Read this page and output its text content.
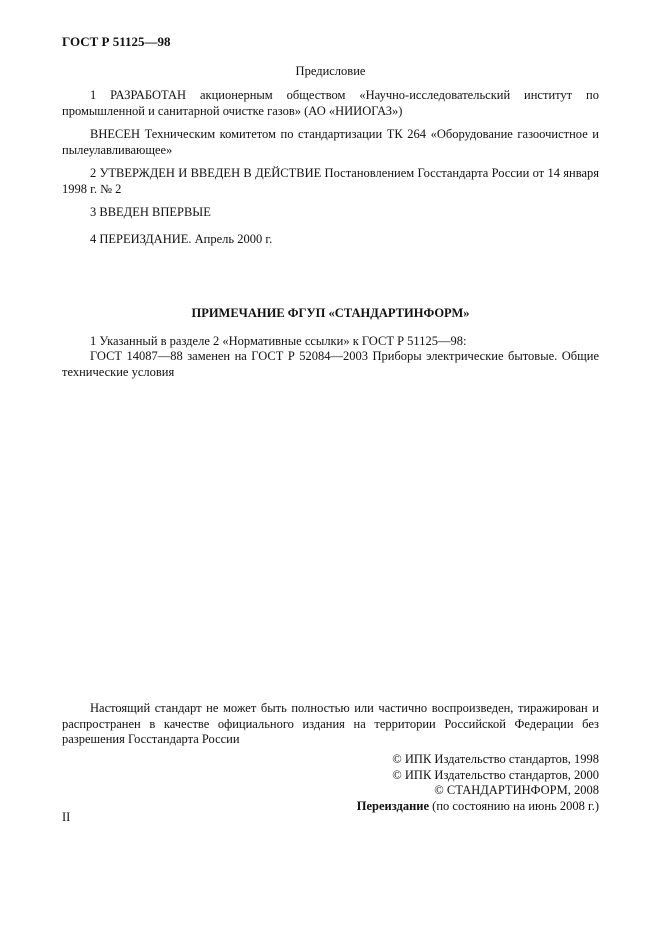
ГОСТ Р 51125—98
Предисловие
1 РАЗРАБОТАН акционерным обществом «Научно-исследовательский институт по промышленной и санитарной очистке газов» (АО «НИИОГАЗ»)
ВНЕСЕН Техническим комитетом по стандартизации ТК 264 «Оборудование газоочистное и пылеулавливающее»
2 УТВЕРЖДЕН И ВВЕДЕН В ДЕЙСТВИЕ Постановлением Госстандарта России от 14 января 1998 г. № 2
3 ВВЕДЕН ВПЕРВЫЕ
4 ПЕРЕИЗДАНИЕ. Апрель 2000 г.
ПРИМЕЧАНИЕ ФГУП «СТАНДАРТИНФОРМ»
1 Указанный в разделе 2 «Нормативные ссылки» к ГОСТ Р 51125—98:
ГОСТ 14087—88 заменен на ГОСТ Р 52084—2003 Приборы электрические бытовые. Общие технические условия
Настоящий стандарт не может быть полностью или частично воспроизведен, тиражирован и распространен в качестве официального издания на территории Российской Федерации без разрешения Госстандарта России
© ИПК Издательство стандартов, 1998
© ИПК Издательство стандартов, 2000
© СТАНДАРТИНФОРМ, 2008
Переиздание (по состоянию на июнь 2008 г.)
II
